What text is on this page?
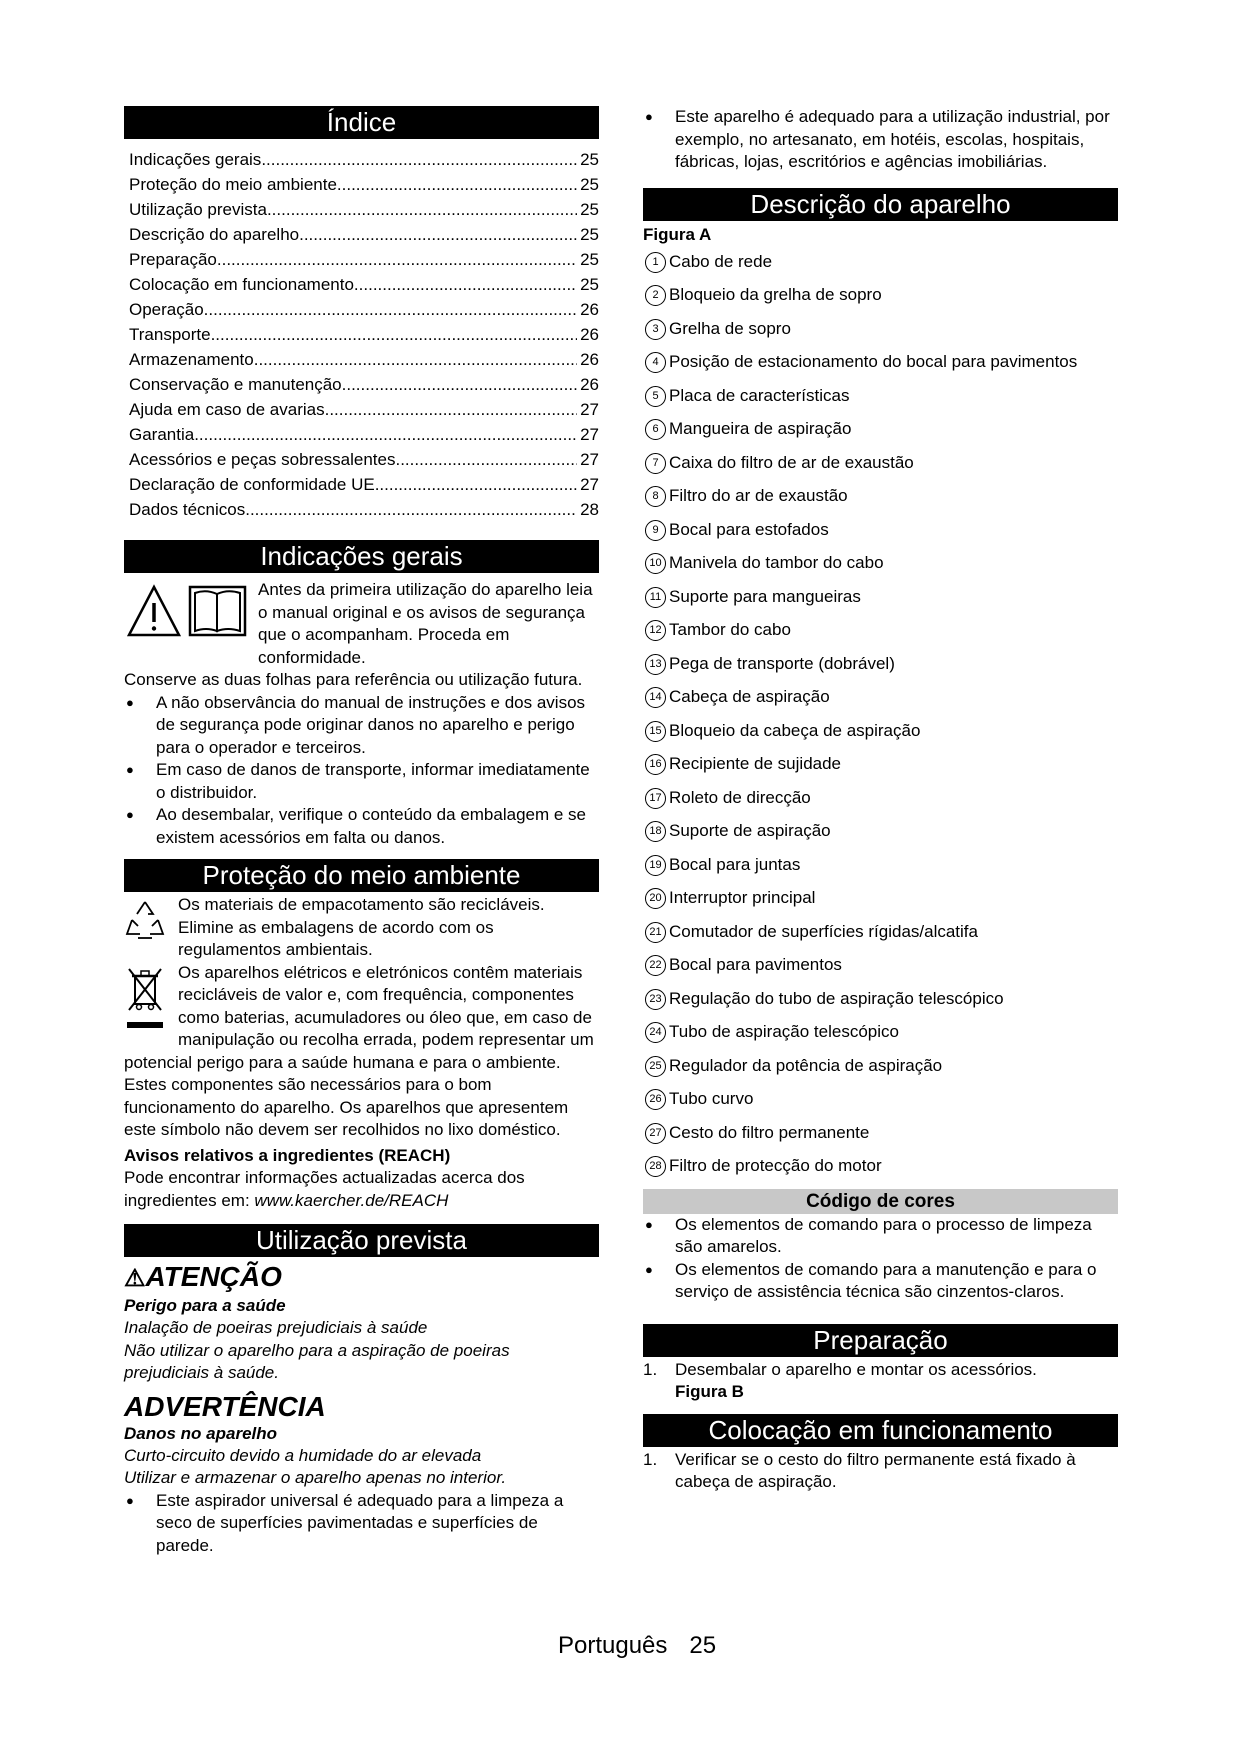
Índice
Indicações gerais .....	25
Proteção do meio ambiente .....	25
Utilização prevista .....	25
Descrição do aparelho .....	25
Preparação .....	25
Colocação em funcionamento .....	25
Operação .....	26
Transporte .....	26
Armazenamento .....	26
Conservação e manutenção .....	26
Ajuda em caso de avarias .....	27
Garantia .....	27
Acessórios e peças sobressalentes .....	27
Declaração de conformidade UE .....	27
Dados técnicos .....	28
Indicações gerais

Antes da primeira utilização do aparelho leia o manual original e os avisos de segurança que o acompanham. Proceda em conformidade.

Conserve as duas folhas para referência ou utilização futura.

● A não observância do manual de instruções e dos avisos de segurança pode originar danos no aparelho e perigo para o operador e terceiros.
● Em caso de danos de transporte, informar imediatamente o distribuidor.
● Ao desembalar, verifique o conteúdo da embalagem e se existem acessórios em falta ou danos.
Proteção do meio ambiente

Os materiais de empacotamento são recicláveis. Elimine as embalagens de acordo com os regulamentos ambientais.

Os aparelhos elétricos e eletrónicos contêm materiais recicláveis de valor e, com frequência, componentes como baterias, acumuladores ou óleo que, em caso de manipulação ou recolha errada, podem representar um potencial perigo para a saúde humana e para o ambiente. Estes componentes são necessários para o bom funcionamento do aparelho. Os aparelhos que apresentem este símbolo não devem ser recolhidos no lixo doméstico.

Avisos relativos a ingredientes (REACH)

Pode encontrar informações actualizadas acerca dos ingredientes em: www.kaercher.de/REACH

Utilização prevista

⚠ATENÇÃO

Perigo para a saúde

Inalação de poeiras prejudiciais à saúde

Não utilizar o aparelho para a aspiração de poeiras prejudiciais à saúde.

ADVERTÊNCIA

Danos no aparelho

Curto-circuito devido a humidade do ar elevada

Utilizar e armazenar o aparelho apenas no interior.

● Este aspirador universal é adequado para a limpeza a seco de superfícies pavimentadas e superfícies de parede.
● Este aparelho é adequado para a utilização industrial, por exemplo, no artesanato, em hotéis, escolas, hospitais, fábricas, lojas, escritórios e agências imobiliárias.
Descrição do aparelho

Figura A

1 Cabo de rede
2 Bloqueio da grelha de sopro
3 Grelha de sopro
4 Posição de estacionamento do bocal para pavimentos
5 Placa de características
6 Mangueira de aspiração
7 Caixa do filtro de ar de exaustão
8 Filtro do ar de exaustão
9 Bocal para estofados
10 Manivela do tambor do cabo
11 Suporte para mangueiras
12 Tambor do cabo
13 Pega de transporte (dobrável)
14 Cabeça de aspiração
15 Bloqueio da cabeça de aspiração
16 Recipiente de sujidade
17 Roleto de direcção
18 Suporte de aspiração
19 Bocal para juntas
20 Interruptor principal
21 Comutador de superfícies rígidas/alcatifa
22 Bocal para pavimentos
23 Regulação do tubo de aspiração telescópico
24 Tubo de aspiração telescópico
25 Regulador da potência de aspiração
26 Tubo curvo
27 Cesto do filtro permanente
28 Filtro de protecção do motor
Código de cores
● Os elementos de comando para o processo de limpeza são amarelos.
● Os elementos de comando para a manutenção e para o serviço de assistência técnica são cinzentos-claros.
Preparação
1. Desembalar o aparelho e montar os acessórios.

Figura B

Colocação em funcionamento
1. Verificar se o cesto do filtro permanente está fixado à cabeça de aspiração.
Português 25
